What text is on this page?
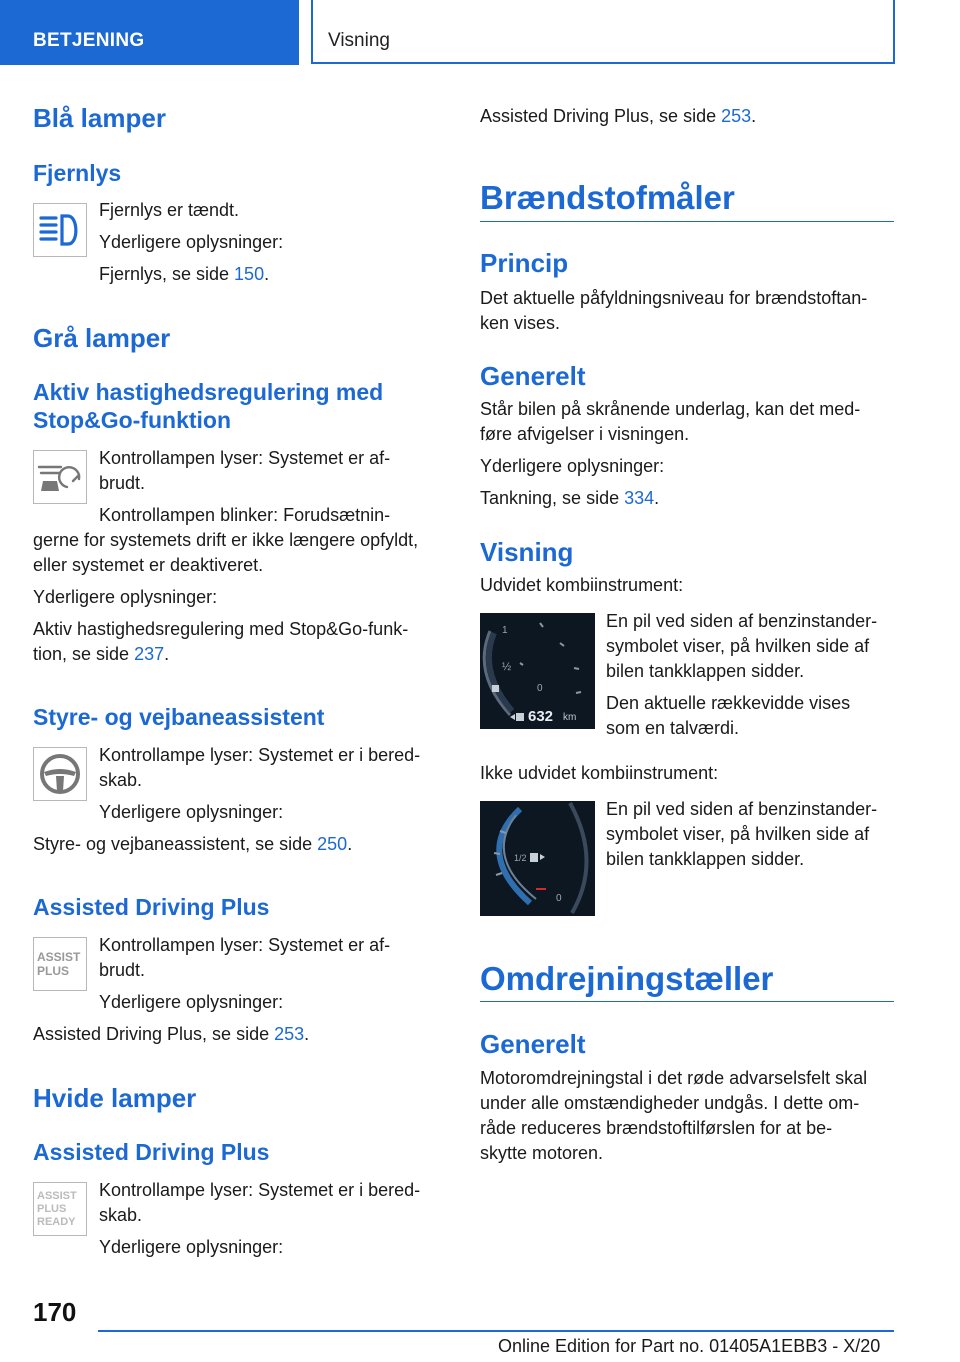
BETJENING	Visning
Blå lamper
Fjernlys
Fjernlys er tændt.
Yderligere oplysninger:
Fjernlys, se side 150.
Grå lamper
Aktiv hastighedsregulering med
Stop&Go-funktion
Kontrollampen lyser: Systemet er af-
brudt.
Kontrollampen blinker: Forudsætnin-
gerne for systemets drift er ikke længere opfyldt,
eller systemet er deaktiveret.
Yderligere oplysninger:
Aktiv hastighedsregulering med Stop&Go-funk-
tion, se side 237.
Styre- og vejbaneassistent
Kontrollampe lyser: Systemet er i bered-
skab.
Yderligere oplysninger:
Styre- og vejbaneassistent, se side 250.
Assisted Driving Plus
ASSIST
PLUS
Kontrollampen lyser: Systemet er af-
brudt.
Yderligere oplysninger:
Assisted Driving Plus, se side 253.
Hvide lamper
Assisted Driving Plus
ASSIST
PLUS
READY
Kontrollampe lyser: Systemet er i bered-
skab.
Yderligere oplysninger:
Assisted Driving Plus, se side 253.
Brændstofmåler
Princip
Det aktuelle påfyldningsniveau for brændstoftan-
ken vises.
Generelt
Står bilen på skrånende underlag, kan det med-
føre afvigelser i visningen.
Yderligere oplysninger:
Tankning, se side 334.
Visning
Udvidet kombiinstrument:
1
½
0
632 km
En pil ved siden af benzinstander-
symbolet viser, på hvilken side af
bilen tankklappen sidder.
Den aktuelle rækkevidde vises
som en talværdi.
Ikke udvidet kombiinstrument:
1/2
0
En pil ved siden af benzinstander-
symbolet viser, på hvilken side af
bilen tankklappen sidder.
Omdrejningstæller
Generelt
Motoromdrejningstal i det røde advarselsfelt skal
under alle omstændigheder undgås. I dette om-
råde reduceres brændstoftilførslen for at be-
skytte motoren.
170
Online Edition for Part no. 01405A1EBB3 - X/20
